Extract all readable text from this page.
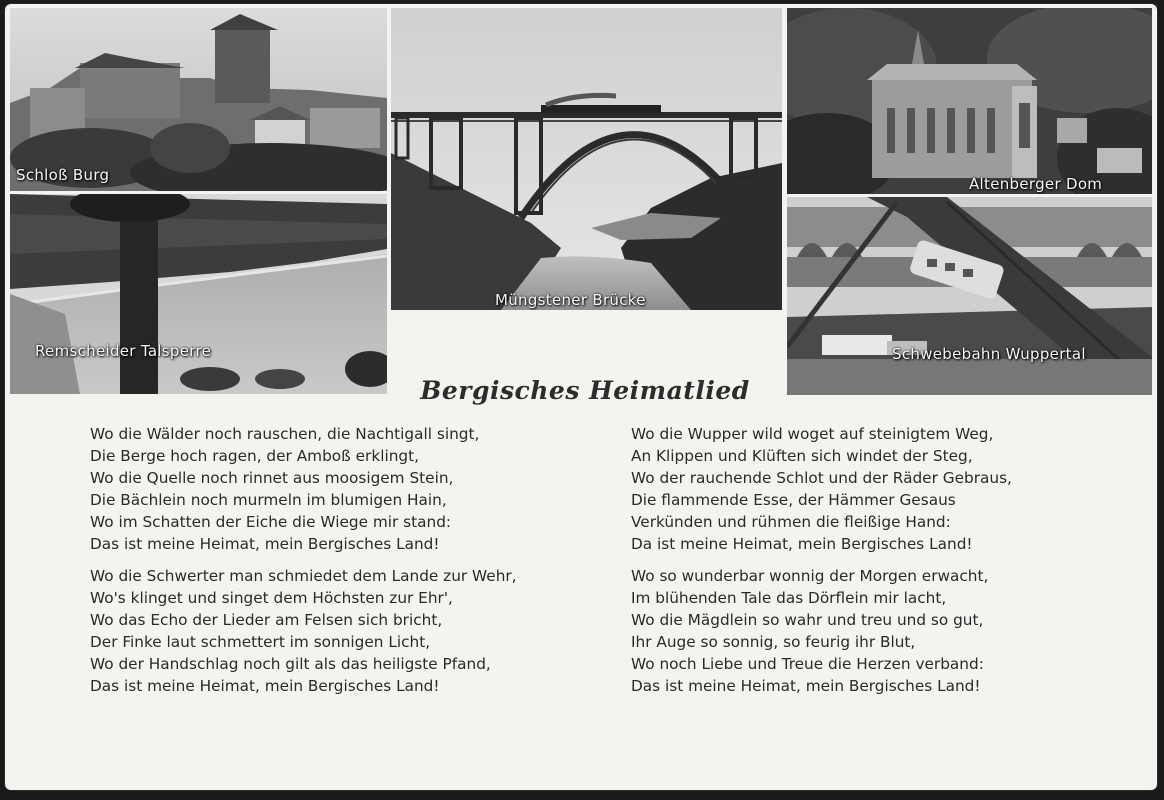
Schloß Burg
Müngstener Brücke
Altenberger Dom
Remscheider Talsperre	Schwebebahn Wuppertal
Bergisches Heimatlied
Wo die Wälder noch rauschen, die Nachtigall singt,
Die Berge hoch ragen, der Amboß erklingt,
Wo die Quelle noch rinnet aus moosigem Stein,
Die Bächlein noch murmeln im blumigen Hain,
Wo im Schatten der Eiche die Wiege mir stand:
Das ist meine Heimat, mein Bergisches Land!
Wo die Schwerter man schmiedet dem Lande zur Wehr,
Wo's klinget und singet dem Höchsten zur Ehr',
Wo das Echo der Lieder am Felsen sich bricht,
Der Finke laut schmettert im sonnigen Licht,
Wo der Handschlag noch gilt als das heiligste Pfand,
Das ist meine Heimat, mein Bergisches Land!
Wo die Wupper wild woget auf steinigtem Weg,
An Klippen und Klüften sich windet der Steg,
Wo der rauchende Schlot und der Räder Gebraus,
Die flammende Esse, der Hämmer Gesaus
Verkünden und rühmen die fleißige Hand:
Da ist meine Heimat, mein Bergisches Land!
Wo so wunderbar wonnig der Morgen erwacht,
Im blühenden Tale das Dörflein mir lacht,
Wo die Mägdlein so wahr und treu und so gut,
Ihr Auge so sonnig, so feurig ihr Blut,
Wo noch Liebe und Treue die Herzen verband:
Das ist meine Heimat, mein Bergisches Land!
